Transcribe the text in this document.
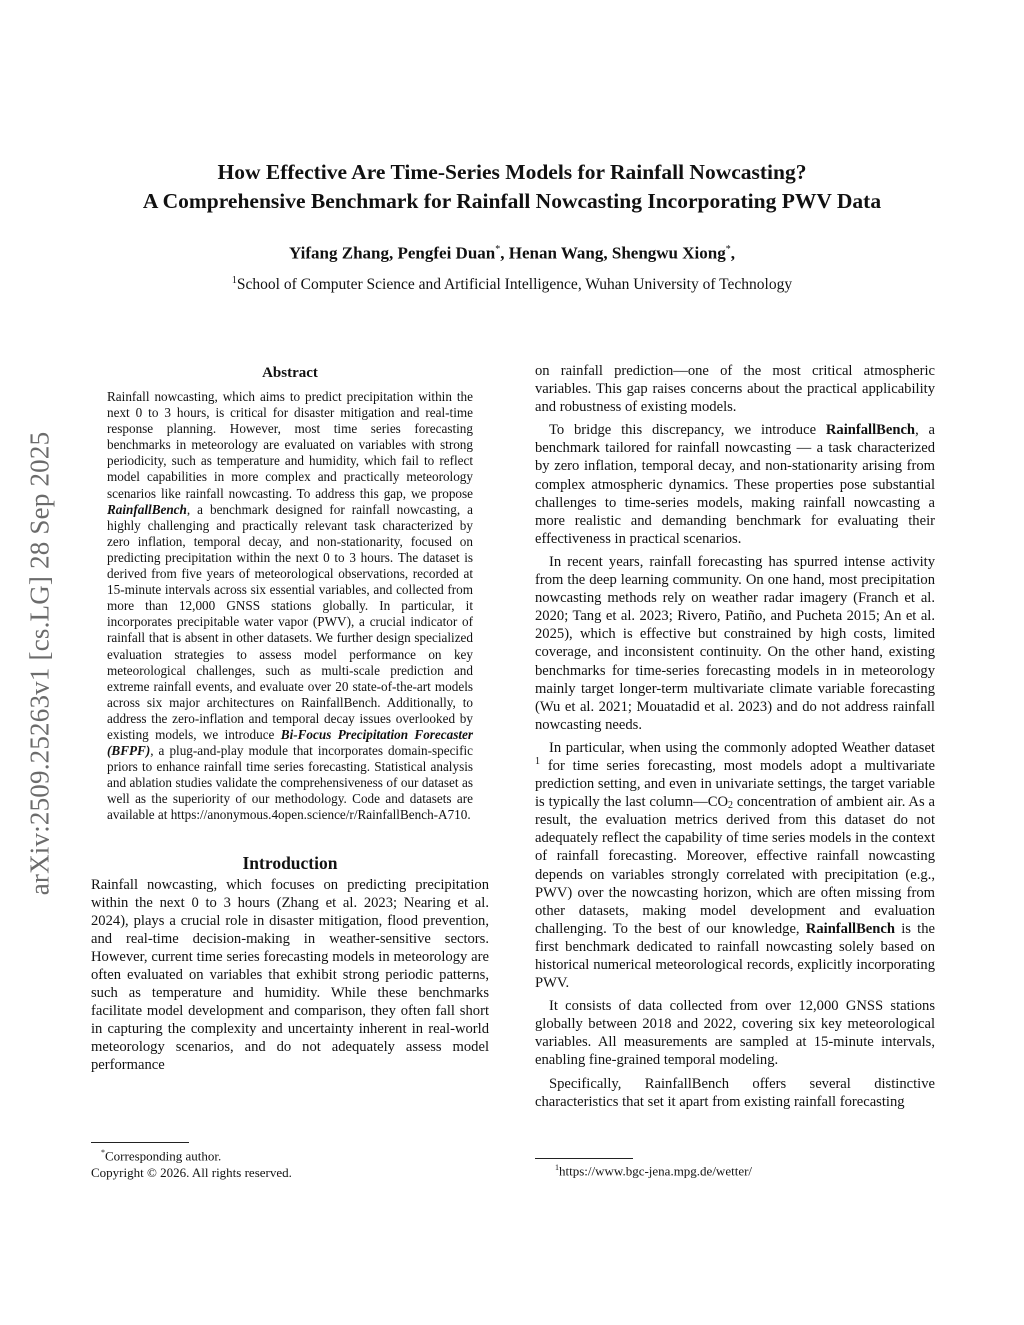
arXiv:2509.25263v1 [cs.LG] 28 Sep 2025
How Effective Are Time-Series Models for Rainfall Nowcasting?
A Comprehensive Benchmark for Rainfall Nowcasting Incorporating PWV Data
Yifang Zhang, Pengfei Duan*, Henan Wang, Shengwu Xiong*,
$^1$School of Computer Science and Artificial Intelligence, Wuhan University of Technology
Abstract

Rainfall nowcasting, which aims to predict precipitation within the next 0 to 3 hours, is critical for disaster mitigation and real-time response planning. However, most time series forecasting benchmarks in meteorology are evaluated on variables with strong periodicity, such as temperature and humidity, which fail to reflect model capabilities in more complex and practically meteorology scenarios like rainfall nowcasting. To address this gap, we propose RainfallBench, a benchmark designed for rainfall nowcasting, a highly challenging and practically relevant task characterized by zero inflation, temporal decay, and non-stationarity, focused on predicting precipitation within the next 0 to 3 hours. The dataset is derived from five years of meteorological observations, recorded at 15-minute intervals across six essential variables, and collected from more than 12,000 GNSS stations globally. In particular, it incorporates precipitable water vapor (PWV), a crucial indicator of rainfall that is absent in other datasets. We further design specialized evaluation strategies to assess model performance on key meteorological challenges, such as multi-scale prediction and extreme rainfall events, and evaluate over 20 state-of-the-art models across six major architectures on RainfallBench. Additionally, to address the zero-inflation and temporal decay issues overlooked by existing models, we introduce Bi-Focus Precipitation Forecaster (BFPF), a plug-and-play module that incorporates domain-specific priors to enhance rainfall time series forecasting. Statistical analysis and ablation studies validate the comprehensiveness of our dataset as well as the superiority of our methodology. Code and datasets are available at https://anonymous.4open.science/r/RainfallBench-A710.

Introduction

Rainfall nowcasting, which focuses on predicting precipitation within the next 0 to 3 hours (Zhang et al. 2023; Nearing et al. 2024), plays a crucial role in disaster mitigation, flood prevention, and real-time decision-making in weather-sensitive sectors. However, current time series forecasting models in meteorology are often evaluated on variables that exhibit strong periodic patterns, such as temperature and humidity. While these benchmarks facilitate model development and comparison, they often fall short in capturing the complexity and uncertainty inherent in real-world meteorology scenarios, and do not adequately assess model performance

on rainfall prediction—one of the most critical atmospheric variables. This gap raises concerns about the practical applicability and robustness of existing models.

To bridge this discrepancy, we introduce RainfallBench, a benchmark tailored for rainfall nowcasting — a task characterized by zero inflation, temporal decay, and non-stationarity arising from complex atmospheric dynamics. These properties pose substantial challenges to time-series models, making rainfall nowcasting a more realistic and demanding benchmark for evaluating their effectiveness in practical scenarios.

In recent years, rainfall forecasting has spurred intense activity from the deep learning community. On one hand, most precipitation nowcasting methods rely on weather radar imagery (Franch et al. 2020; Tang et al. 2023; Rivero, Patiño, and Pucheta 2015; An et al. 2025), which is effective but constrained by high costs, limited coverage, and inconsistent continuity. On the other hand, existing benchmarks for time-series forecasting models in in meteorology mainly target longer-term multivariate climate variable forecasting (Wu et al. 2021; Mouatadid et al. 2023) and do not address rainfall nowcasting needs.

In particular, when using the commonly adopted Weather dataset $^1$ for time series forecasting, most models adopt a multivariate prediction setting, and even in univariate settings, the target variable is typically the last $column—CO_2$ concentration of ambient air. As a result, the evaluation metrics derived from this dataset do not adequately reflect the capability of time series models in the context of rainfall forecasting. Moreover, effective rainfall nowcasting depends on variables strongly correlated with precipitation (e.g., PWV) over the nowcasting horizon, which are often missing from other datasets, making model development and evaluation challenging. To the best of our knowledge, RainfallBench is the first benchmark dedicated to rainfall nowcasting solely based on historical numerical meteorological records, explicitly incorporating PWV.

It consists of data collected from over 12,000 GNSS stations globally between 2018 and 2022, covering six key meteorological variables. All measurements are sampled at 15-minute intervals, enabling fine-grained temporal modeling.

Specifically, RainfallBench offers several distinctive characteristics that set it apart from existing rainfall forecasting

*Corresponding author.
Copyright © 2026. All rights reserved.	$^1$https://www.bgc-jena.mpg.de/wetter/
